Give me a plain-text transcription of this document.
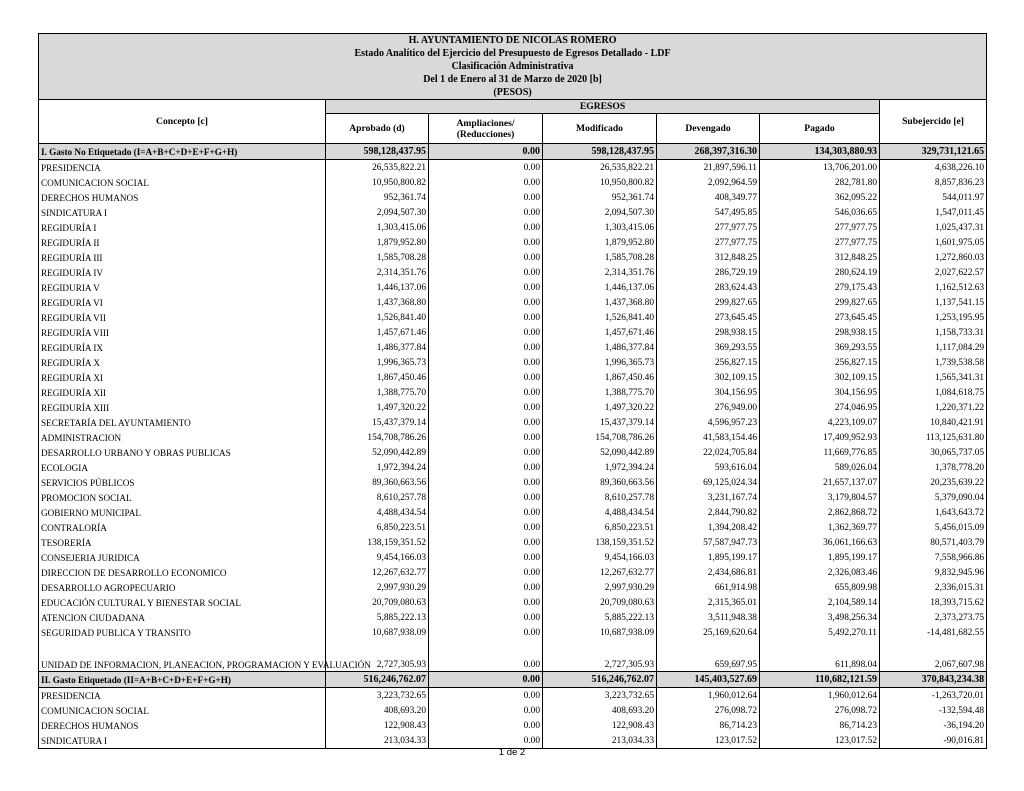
H. AYUNTAMIENTO DE NICOLAS ROMERO
Estado Analítico del Ejercicio del Presupuesto de Egresos Detallado - LDF
Clasificación Administrativa
Del 1 de Enero al 31 de Marzo de 2020 [b]
(PESOS)						

Concepto [c]	EGRESOS					Subejercido [e]
	Aprobado (d)	Ampliaciones/ (Reducciones)	Modificado	Devengado	Pagado	
I. Gasto No Etiquetado (I=A+B+C+D+E+F+G+H)	598,128,437.95	0.00	598,128,437.95	268,397,316.30	134,303,880.93	329,731,121.65
PRESIDENCIA	26,535,822.21	0.00	26,535,822.21	21,897,596.11	13,706,201.00	4,638,226.10
COMUNICACION SOCIAL	10,950,800.82	0.00	10,950,800.82	2,092,964.59	282,781.80	8,857,836.23
DERECHOS HUMANOS	952,361.74	0.00	952,361.74	408,349.77	362,095.22	544,011.97
SINDICATURA I	2,094,507.30	0.00	2,094,507.30	547,495.85	546,036.65	1,547,011.45
REGIDURÍA I	1,303,415.06	0.00	1,303,415.06	277,977.75	277,977.75	1,025,437.31
REGIDURÍA II	1,879,952.80	0.00	1,879,952.80	277,977.75	277,977.75	1,601,975.05
REGIDURÍA III	1,585,708.28	0.00	1,585,708.28	312,848.25	312,848.25	1,272,860.03
REGIDURÍA IV	2,314,351.76	0.00	2,314,351.76	286,729.19	280,624.19	2,027,622.57
REGIDURIA V	1,446,137.06	0.00	1,446,137.06	283,624.43	279,175.43	1,162,512.63
REGIDURÍA VI	1,437,368.80	0.00	1,437,368.80	299,827.65	299,827.65	1,137,541.15
REGIDURÍA VII	1,526,841.40	0.00	1,526,841.40	273,645.45	273,645.45	1,253,195.95
REGIDURÍA VIII	1,457,671.46	0.00	1,457,671.46	298,938.15	298,938.15	1,158,733.31
REGIDURÍA IX	1,486,377.84	0.00	1,486,377.84	369,293.55	369,293.55	1,117,084.29
REGIDURÍA X	1,996,365.73	0.00	1,996,365.73	256,827.15	256,827.15	1,739,538.58
REGIDURÍA XI	1,867,450.46	0.00	1,867,450.46	302,109.15	302,109.15	1,565,341.31
REGIDURÍA XII	1,388,775.70	0.00	1,388,775.70	304,156.95	304,156.95	1,084,618.75
REGIDURÍA XIII	1,497,320.22	0.00	1,497,320.22	276,949.00	274,046.95	1,220,371.22
SECRETARÍA DEL AYUNTAMIENTO	15,437,379.14	0.00	15,437,379.14	4,596,957.23	4,223,109.07	10,840,421.91
ADMINISTRACION	154,708,786.26	0.00	154,708,786.26	41,583,154.46	17,409,952.93	113,125,631.80
DESARROLLO URBANO Y OBRAS PUBLICAS	52,090,442.89	0.00	52,090,442.89	22,024,705.84	11,669,776.85	30,065,737.05
ECOLOGIA	1,972,394.24	0.00	1,972,394.24	593,616.04	589,026.04	1,378,778.20
SERVICIOS PÚBLICOS	89,360,663.56	0.00	89,360,663.56	69,125,024.34	21,657,137.07	20,235,639.22
PROMOCION SOCIAL	8,610,257.78	0.00	8,610,257.78	3,231,167.74	3,179,804.57	5,379,090.04
GOBIERNO MUNICIPAL	4,488,434.54	0.00	4,488,434.54	2,844,790.82	2,862,868.72	1,643,643.72
CONTRALORÍA	6,850,223.51	0.00	6,850,223.51	1,394,208.42	1,362,369.77	5,456,015.09
TESORERÍA	138,159,351.52	0.00	138,159,351.52	57,587,947.73	36,061,166.63	80,571,403.79
CONSEJERIA JURIDICA	9,454,166.03	0.00	9,454,166.03	1,895,199.17	1,895,199.17	7,558,966.86
DIRECCION DE DESARROLLO ECONOMICO	12,267,632.77	0.00	12,267,632.77	2,434,686.81	2,326,083.46	9,832,945.96
DESARROLLO AGROPECUARIO	2,997,930.29	0.00	2,997,930.29	661,914.98	655,809.98	2,336,015.31
EDUCACIÓN CULTURAL Y BIENESTAR SOCIAL	20,709,080.63	0.00	20,709,080.63	2,315,365.01	2,104,589.14	18,393,715.62
ATENCION CIUDADANA	5,885,222.13	0.00	5,885,222.13	3,511,948.38	3,498,256.34	2,373,273.75
SEGURIDAD PUBLICA Y TRANSITO	10,687,938.09	0.00	10,687,938.09	25,169,620.64	5,492,270.11	-14,481,682.55
UNIDAD DE INFORMACION, PLANEACION, PROGRAMACION Y EVALUACIÓN	2,727,305.93	0.00	2,727,305.93	659,697.95	611,898.04	2,067,607.98
II. Gasto Etiquetado (II=A+B+C+D+E+F+G+H)	516,246,762.07	0.00	516,246,762.07	145,403,527.69	110,682,121.59	370,843,234.38
PRESIDENCIA	3,223,732.65	0.00	3,223,732.65	1,960,012.64	1,960,012.64	-1,263,720.01
COMUNICACION SOCIAL	408,693.20	0.00	408,693.20	276,098.72	276,098.72	-132,594.48
DERECHOS HUMANOS	122,908.43	0.00	122,908.43	86,714.23	86,714.23	-36,194.20
SINDICATURA I	213,034.33	0.00	213,034.33	123,017.52	123,017.52	-90,016.81
1 de 2
